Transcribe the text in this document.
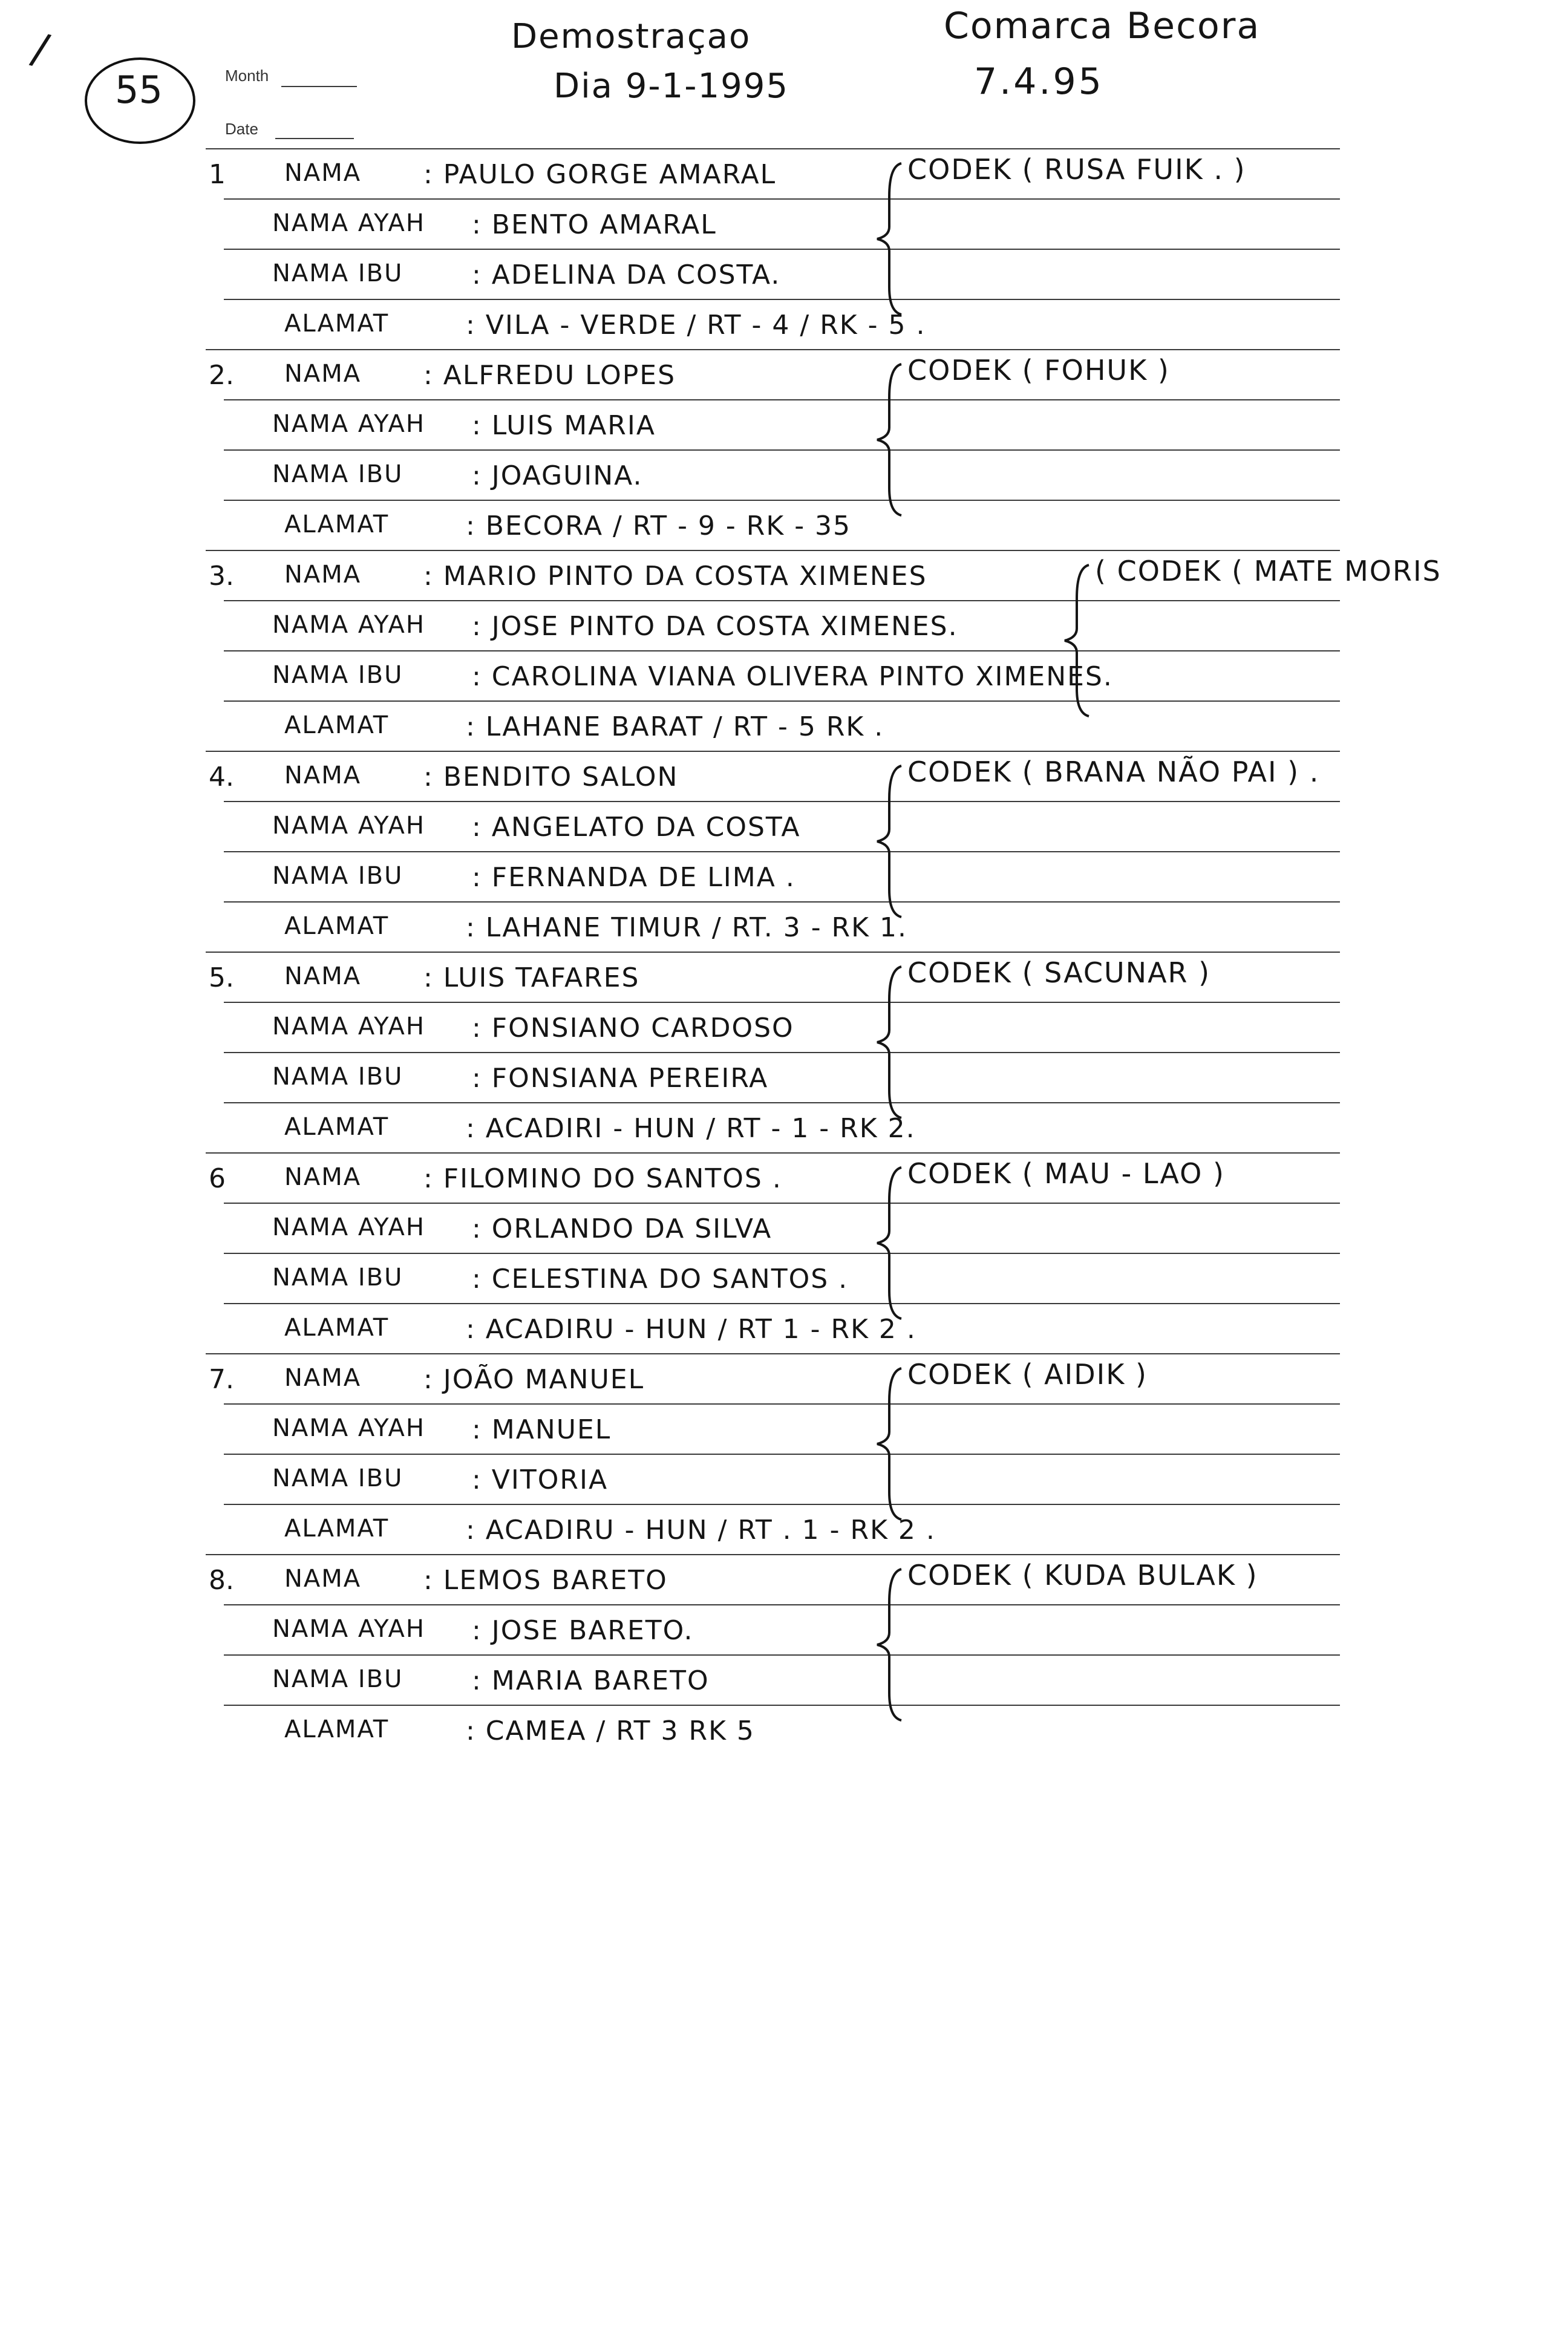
55	Month
Date
Demostraçao
Dia 9-1-1995
Comarca Becora
7.4.95
1 NAMA : PAULO GORGE AMARAL
NAMA AYAH : BENTO AMARAL
NAMA IBU	: ADELINA DA COSTA.
ALAMAT	: VILA - VERDE / RT - 4 / RK - 5 .
CODEK ( RUSA FUIK . )
2. NAMA : ALFREDU LOPES
NAMA AYAH : LUIS MARIA
NAMA IBU	: JOAGUINA.
ALAMAT	: BECORA / RT - 9 - RK - 35
CODEK ( FOHUK )
3. NAMA : MARIO PINTO DA COSTA XIMENES
NAMA AYAH : JOSE PINTO DA COSTA XIMENES.
NAMA IBU	: CAROLINA VIANA OLIVERA PINTO XIMENES.
ALAMAT	: LAHANE BARAT / RT - 5 RK .
( CODEK ( MATE MORIS
4. NAMA : BENDITO SALON
NAMA AYAH : ANGELATO DA COSTA
NAMA IBU	: FERNANDA DE LIMA .
ALAMAT	: LAHANE TIMUR / RT. 3 - RK 1.
CODEK ( BRANA NÃO PAI ) .
5. NAMA : LUIS TAFARES
NAMA AYAH : FONSIANO CARDOSO
NAMA IBU	: FONSIANA PEREIRA
ALAMAT	: ACADIRI - HUN / RT - 1 - RK 2.
CODEK ( SACUNAR )
6 NAMA : FILOMINO DO SANTOS .
NAMA AYAH : ORLANDO DA SILVA
NAMA IBU	: CELESTINA DO SANTOS .
ALAMAT	: ACADIRU - HUN / RT 1 - RK 2 .
CODEK ( MAU - LAO )
7. NAMA : JOÃO MANUEL
NAMA AYAH : MANUEL
NAMA IBU	: VITORIA
ALAMAT	: ACADIRU - HUN / RT . 1 - RK 2 .
CODEK ( AIDIK )
8. NAMA : LEMOS BARETO
NAMA AYAH : JOSE BARETO.
NAMA IBU	: MARIA BARETO
ALAMAT	: CAMEA / RT 3 RK 5
CODEK ( KUDA BULAK )
/
